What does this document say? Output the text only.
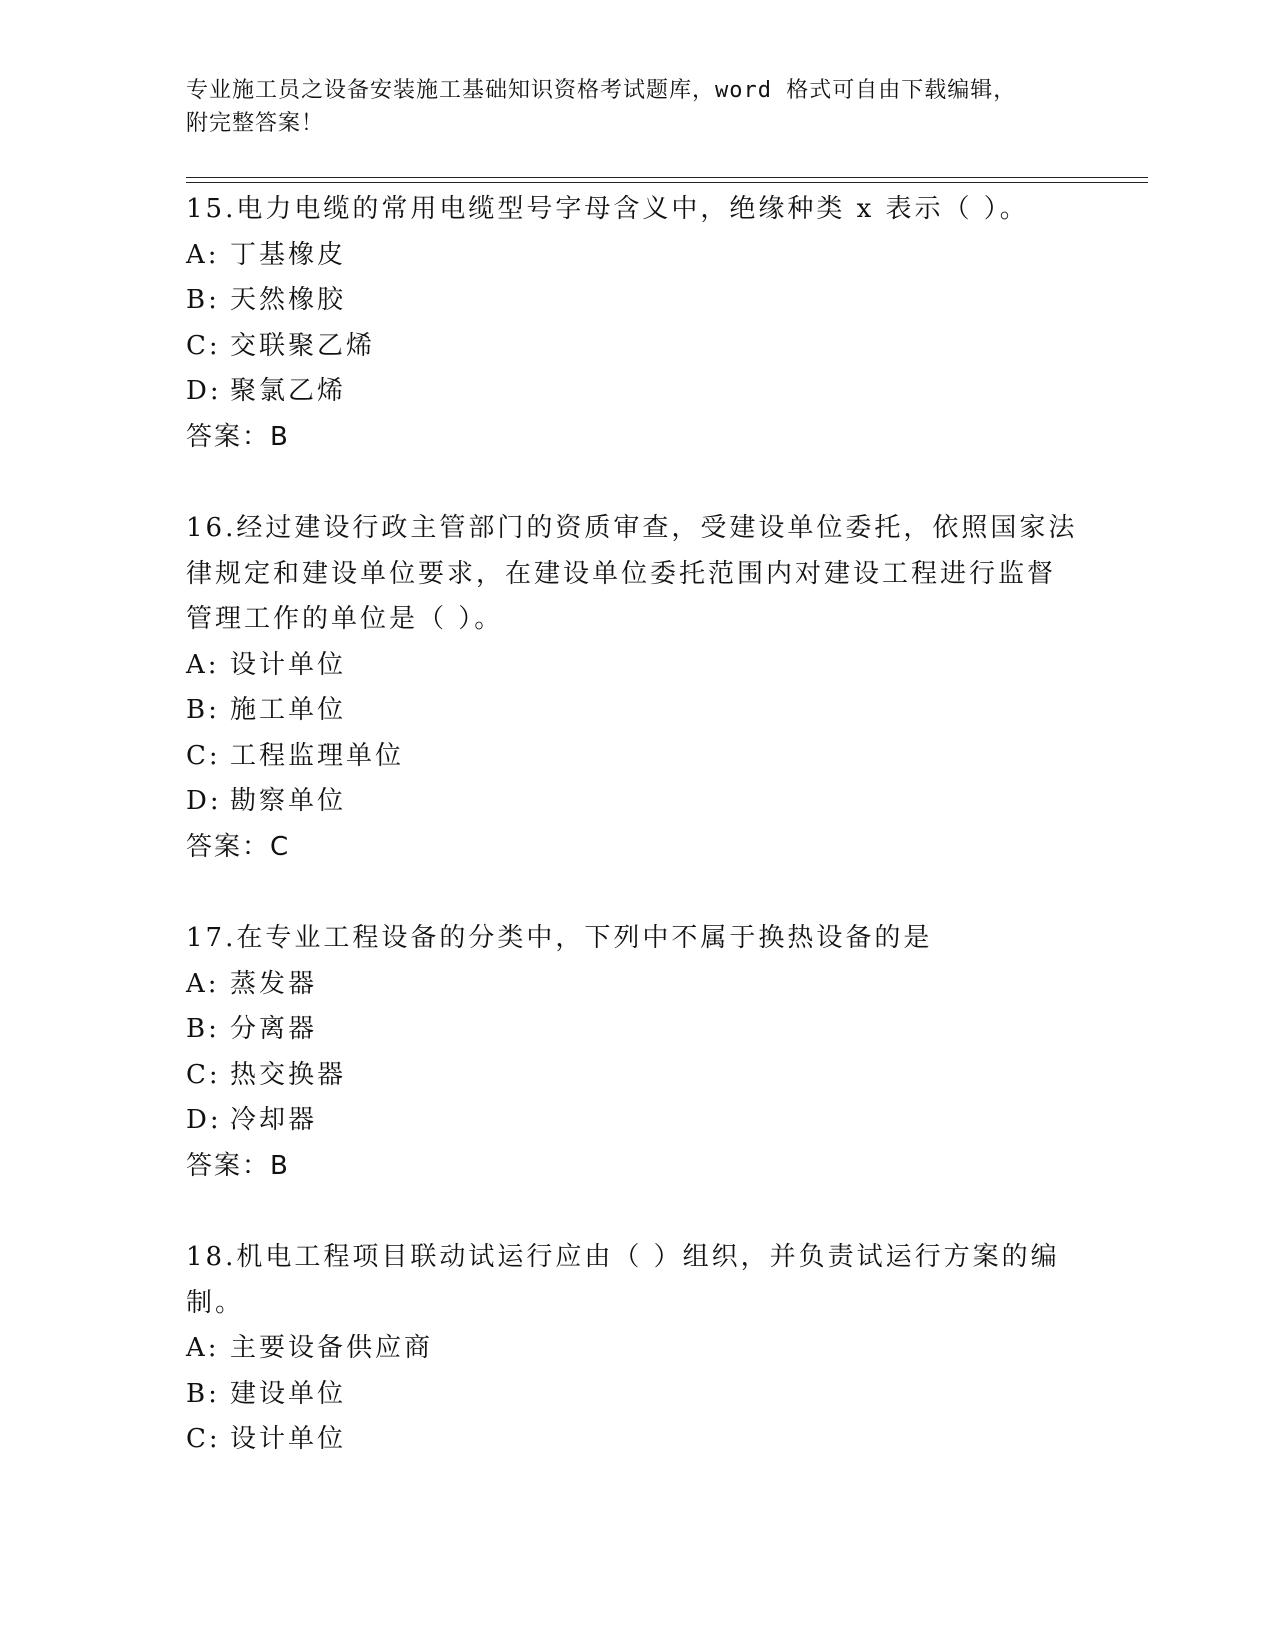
专业施工员之设备安装施工基础知识资格考试题库，word 格式可自由下载编辑，
附完整答案！
15.电力电缆的常用电缆型号字母含义中，绝缘种类 x 表示（ ）。
A: 丁基橡皮
B: 天然橡胶
C: 交联聚乙烯
D: 聚氯乙烯
答案：B
16.经过建设行政主管部门的资质审查，受建设单位委托，依照国家法
律规定和建设单位要求，在建设单位委托范围内对建设工程进行监督
管理工作的单位是（ ）。
A: 设计单位
B: 施工单位
C: 工程监理单位
D: 勘察单位
答案：C
17.在专业工程设备的分类中，下列中不属于换热设备的是
A: 蒸发器
B: 分离器
C: 热交换器
D: 冷却器
答案：B
18.机电工程项目联动试运行应由（ ）组织，并负责试运行方案的编
制。
A: 主要设备供应商
B: 建设单位
C: 设计单位
